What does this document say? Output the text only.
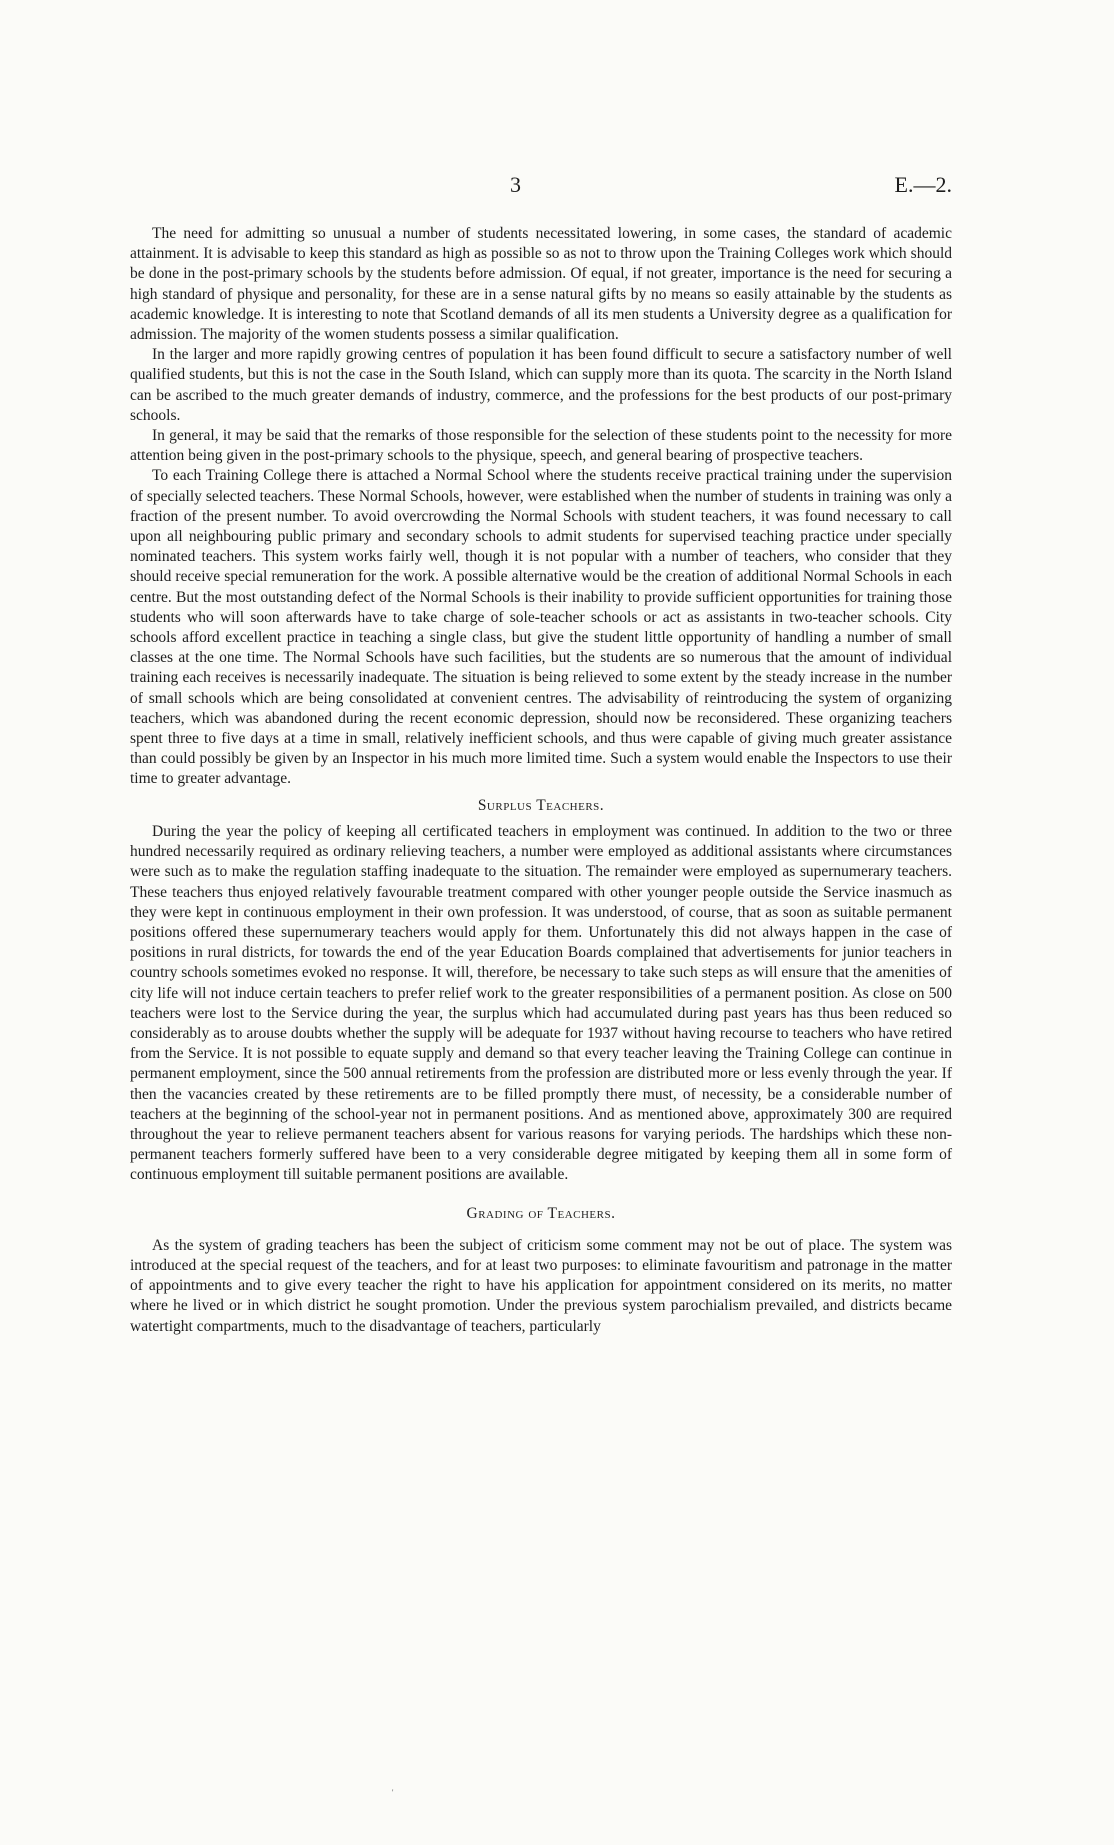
3	E.—2.

The need for admitting so unusual a number of students necessitated lowering, in some cases, the standard of academic attainment. It is advisable to keep this standard as high as possible so as not to throw upon the Training Colleges work which should be done in the post-primary schools by the students before admission. Of equal, if not greater, importance is the need for securing a high standard of physique and personality, for these are in a sense natural gifts by no means so easily attainable by the students as academic knowledge. It is interesting to note that Scotland demands of all its men students a University degree as a qualification for admission. The majority of the women students possess a similar qualification.

In the larger and more rapidly growing centres of population it has been found difficult to secure a satisfactory number of well qualified students, but this is not the case in the South Island, which can supply more than its quota. The scarcity in the North Island can be ascribed to the much greater demands of industry, commerce, and the professions for the best products of our post-primary schools.

In general, it may be said that the remarks of those responsible for the selection of these students point to the necessity for more attention being given in the post-primary schools to the physique, speech, and general bearing of prospective teachers.

To each Training College there is attached a Normal School where the students receive practical training under the supervision of specially selected teachers. These Normal Schools, however, were established when the number of students in training was only a fraction of the present number. To avoid overcrowding the Normal Schools with student teachers, it was found necessary to call upon all neighbouring public primary and secondary schools to admit students for supervised teaching practice under specially nominated teachers. This system works fairly well, though it is not popular with a number of teachers, who consider that they should receive special remuneration for the work. A possible alternative would be the creation of additional Normal Schools in each centre. But the most outstanding defect of the Normal Schools is their inability to provide sufficient opportunities for training those students who will soon afterwards have to take charge of sole-teacher schools or act as assistants in two-teacher schools. City schools afford excellent practice in teaching a single class, but give the student little opportunity of handling a number of small classes at the one time. The Normal Schools have such facilities, but the students are so numerous that the amount of individual training each receives is necessarily inadequate. The situation is being relieved to some extent by the steady increase in the number of small schools which are being consolidated at convenient centres. The advisability of reintroducing the system of organizing teachers, which was abandoned during the recent economic depression, should now be reconsidered. These organizing teachers spent three to five days at a time in small, relatively inefficient schools, and thus were capable of giving much greater assistance than could possibly be given by an Inspector in his much more limited time. Such a system would enable the Inspectors to use their time to greater advantage.

Surplus Teachers.

During the year the policy of keeping all certificated teachers in employment was continued. In addition to the two or three hundred necessarily required as ordinary relieving teachers, a number were employed as additional assistants where circumstances were such as to make the regulation staffing inadequate to the situation. The remainder were employed as supernumerary teachers. These teachers thus enjoyed relatively favourable treatment compared with other younger people outside the Service inasmuch as they were kept in continuous employment in their own profession. It was understood, of course, that as soon as suitable permanent positions offered these supernumerary teachers would apply for them. Unfortunately this did not always happen in the case of positions in rural districts, for towards the end of the year Education Boards complained that advertisements for junior teachers in country schools sometimes evoked no response. It will, therefore, be necessary to take such steps as will ensure that the amenities of city life will not induce certain teachers to prefer relief work to the greater responsibilities of a permanent position. As close on 500 teachers were lost to the Service during the year, the surplus which had accumulated during past years has thus been reduced so considerably as to arouse doubts whether the supply will be adequate for 1937 without having recourse to teachers who have retired from the Service. It is not possible to equate supply and demand so that every teacher leaving the Training College can continue in permanent employment, since the 500 annual retirements from the profession are distributed more or less evenly through the year. If then the vacancies created by these retirements are to be filled promptly there must, of necessity, be a considerable number of teachers at the beginning of the school-year not in permanent positions. And as mentioned above, approximately 300 are required throughout the year to relieve permanent teachers absent for various reasons for varying periods. The hardships which these non-permanent teachers formerly suffered have been to a very considerable degree mitigated by keeping them all in some form of continuous employment till suitable permanent positions are available.

Grading of Teachers.

As the system of grading teachers has been the subject of criticism some comment may not be out of place. The system was introduced at the special request of the teachers, and for at least two purposes: to eliminate favouritism and patronage in the matter of appointments and to give every teacher the right to have his application for appointment considered on its merits, no matter where he lived or in which district he sought promotion. Under the previous system parochialism prevailed, and districts became watertight compartments, much to the disadvantage of teachers, particularly

'
